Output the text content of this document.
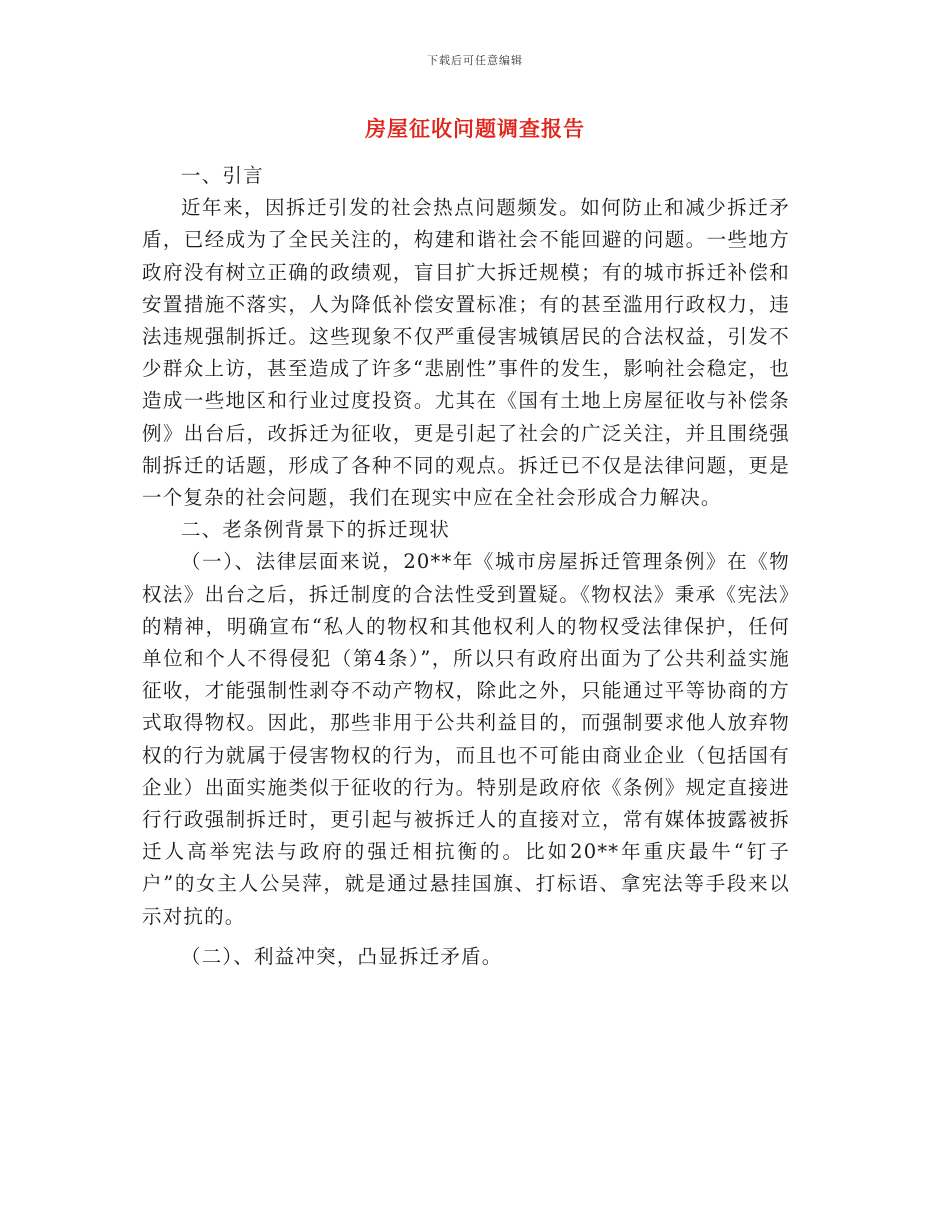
下载后可任意编辑
房屋征收问题调查报告

一、引言

近年来，因拆迁引发的社会热点问题频发。如何防止和减少拆迁矛盾，已经成为了全民关注的，构建和谐社会不能回避的问题。一些地方政府没有树立正确的政绩观，盲目扩大拆迁规模；有的城市拆迁补偿和安置措施不落实，人为降低补偿安置标准；有的甚至滥用行政权力，违法违规强制拆迁。这些现象不仅严重侵害城镇居民的合法权益，引发不少群众上访，甚至造成了许多“悲剧性”事件的发生，影响社会稳定，也造成一些地区和行业过度投资。尤其在《国有土地上房屋征收与补偿条例》出台后，改拆迁为征收，更是引起了社会的广泛关注，并且围绕强制拆迁的话题，形成了各种不同的观点。拆迁已不仅是法律问题，更是一个复杂的社会问题，我们在现实中应在全社会形成合力解决。

二、老条例背景下的拆迁现状

（一）、法律层面来说，20**年《城市房屋拆迁管理条例》在《物权法》出台之后，拆迁制度的合法性受到置疑。《物权法》秉承《宪法》的精神，明确宣布“私人的物权和其他权利人的物权受法律保护，任何单位和个人不得侵犯（第4条）”，所以只有政府出面为了公共利益实施征收，才能强制性剥夺不动产物权，除此之外，只能通过平等协商的方式取得物权。因此，那些非用于公共利益目的，而强制要求他人放弃物权的行为就属于侵害物权的行为，而且也不可能由商业企业（包括国有企业）出面实施类似于征收的行为。特别是政府依《条例》规定直接进行行政强制拆迁时，更引起与被拆迁人的直接对立，常有媒体披露被拆迁人高举宪法与政府的强迁相抗衡的。比如20**年重庆最牛“钉子户”的女主人公吴萍，就是通过悬挂国旗、打标语、拿宪法等手段来以示对抗的。

（二）、利益冲突，凸显拆迁矛盾。
